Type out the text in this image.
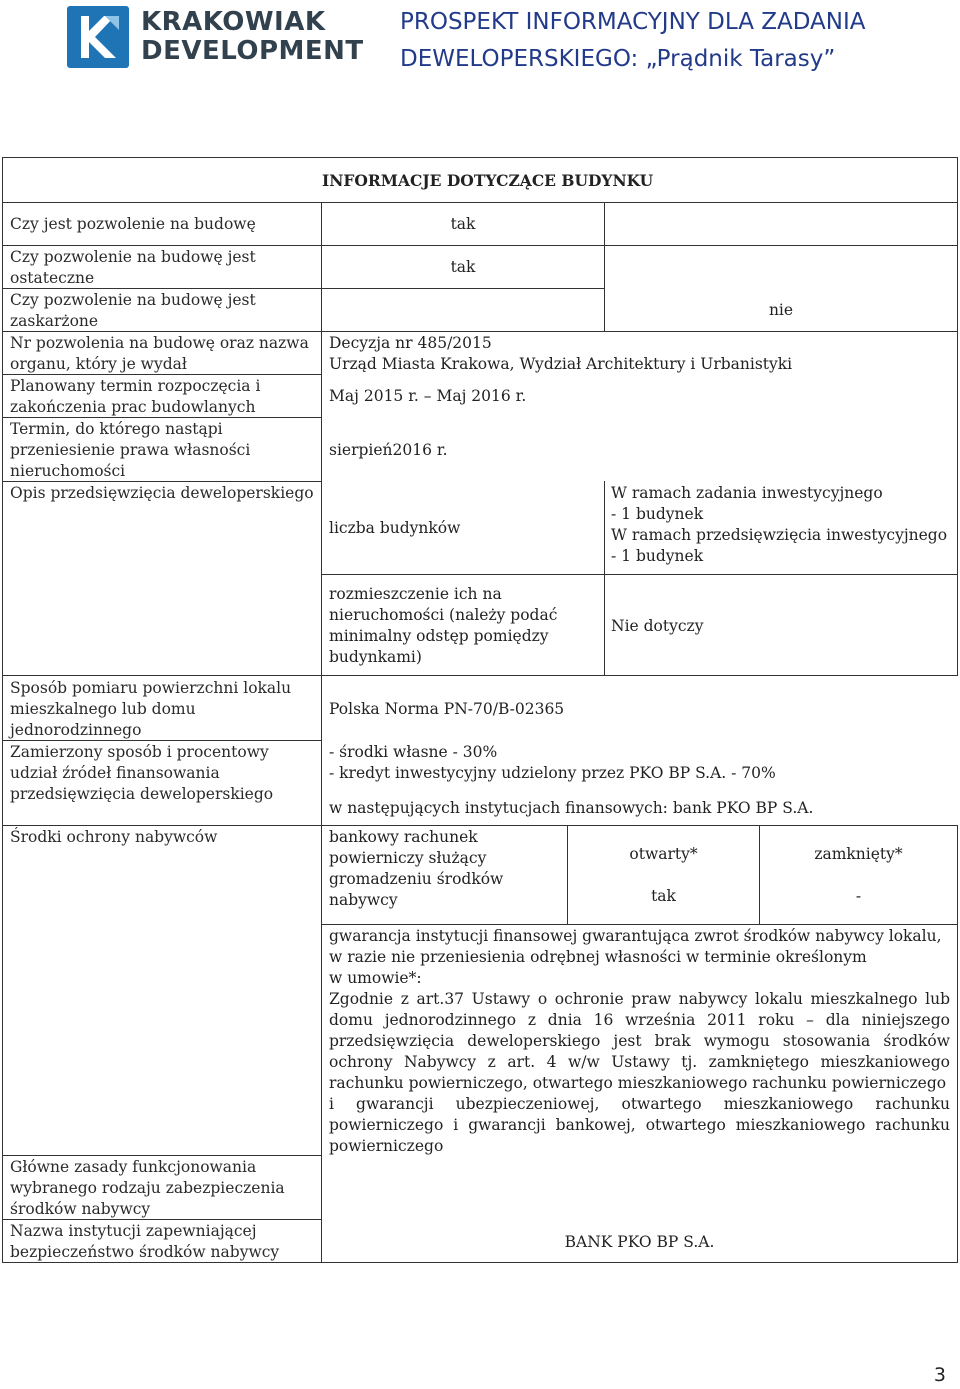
KRAKOWIAK
DEVELOPMENT
PROSPEKT INFORMACYJNY DLA ZADANIA
DEWELOPERSKIEGO: „Prądnik Tarasy”
INFORMACJE DOTYCZĄCE BUDYNKU
Czy jest pozwolenie na budowę
Czy pozwolenie na budowę jest
ostateczne
Czy pozwolenie na budowę jest
zaskarżone
Nr pozwolenia na budowę oraz nazwa
organu, który je wydał
Planowany termin rozpoczęcia i
zakończenia prac budowlanych
Termin, do którego nastąpi
przeniesienie prawa własności
nieruchomości
Opis przedsięwzięcia deweloperskiego
Sposób pomiaru powierzchni lokalu
mieszkalnego lub domu
jednorodzinnego
Zamierzony sposób i procentowy
udział źródeł finansowania
przedsięwzięcia deweloperskiego
Środki ochrony nabywców
Główne zasady funkcjonowania
wybranego rodzaju zabezpieczenia
środków nabywcy
Nazwa instytucji zapewniającej
bezpieczeństwo środków nabywcy
tak
tak
nie
Decyzja nr 485/2015
Urząd Miasta Krakowa, Wydział Architektury i Urbanistyki
Maj 2015 r. – Maj 2016 r.
sierpień2016 r.
liczba budynków
W ramach zadania inwestycyjnego
- 1 budynek
W ramach przedsięwzięcia inwestycyjnego
- 1 budynek
rozmieszczenie ich na
nieruchomości (należy podać
minimalny odstęp pomiędzy
budynkami)
Nie dotyczy
Polska Norma PN-70/B-02365
- środki własne - 30%
- kredyt inwestycyjny udzielony przez PKO BP S.A. - 70%
w następujących instytucjach finansowych: bank PKO BP S.A.
bankowy rachunek
powierniczy służący
gromadzeniu środków
nabywcy
otwarty*	zamknięty*
tak	-
gwarancja instytucji finansowej gwarantująca zwrot środków nabywcy lokalu,
w razie nie przeniesienia odrębnej własności w terminie określonym
w umowie*:
Zgodnie z art.37 Ustawy o ochronie praw nabywcy lokalu mieszkalnego lub domu jednorodzinnego z dnia 16 września 2011 roku – dla niniejszego przedsięwzięcia deweloperskiego jest brak wymogu stosowania środków ochrony Nabywcy z art. 4 w/w Ustawy tj. zamkniętego mieszkaniowego rachunku powierniczego, otwartego mieszkaniowego rachunku powierniczego
i gwarancji ubezpieczeniowej, otwartego mieszkaniowego rachunku powierniczego i gwarancji bankowej, otwartego mieszkaniowego rachunku powierniczego
BANK PKO BP S.A.
3
